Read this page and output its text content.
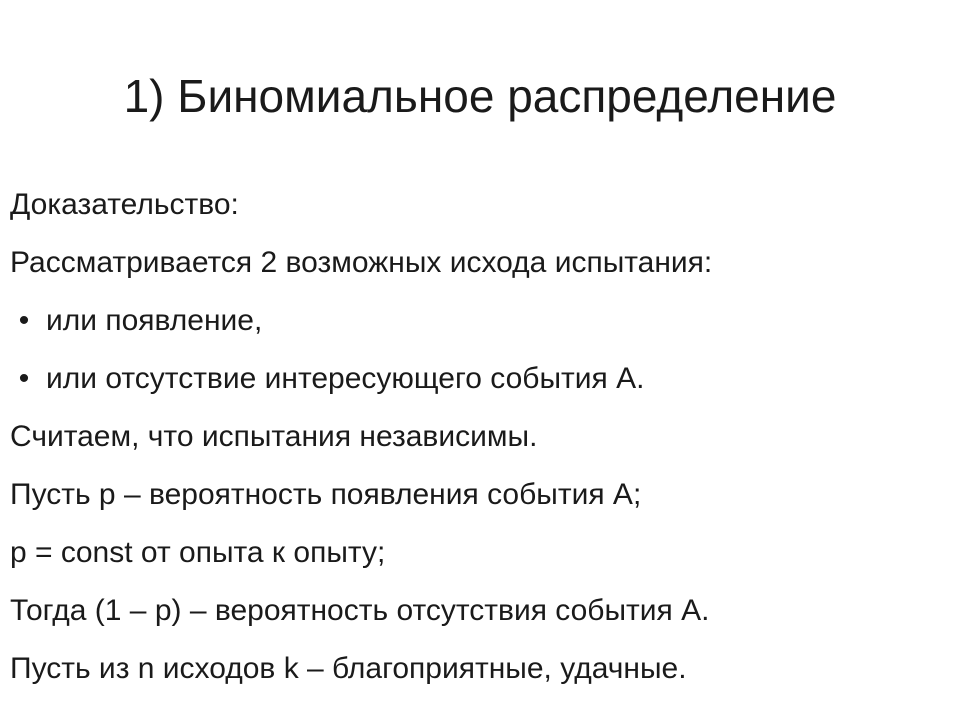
1) Биномиальное распределение
Доказательство:
Рассматривается 2 возможных исхода испытания:
• или появление,
• или отсутствие интересующего события А.
Считаем, что испытания независимы.
Пусть p – вероятность появления события А;
p = const от опыта к опыту;
Тогда (1 – p) – вероятность отсутствия события А.
Пусть из n исходов k – благоприятные, удачные.
